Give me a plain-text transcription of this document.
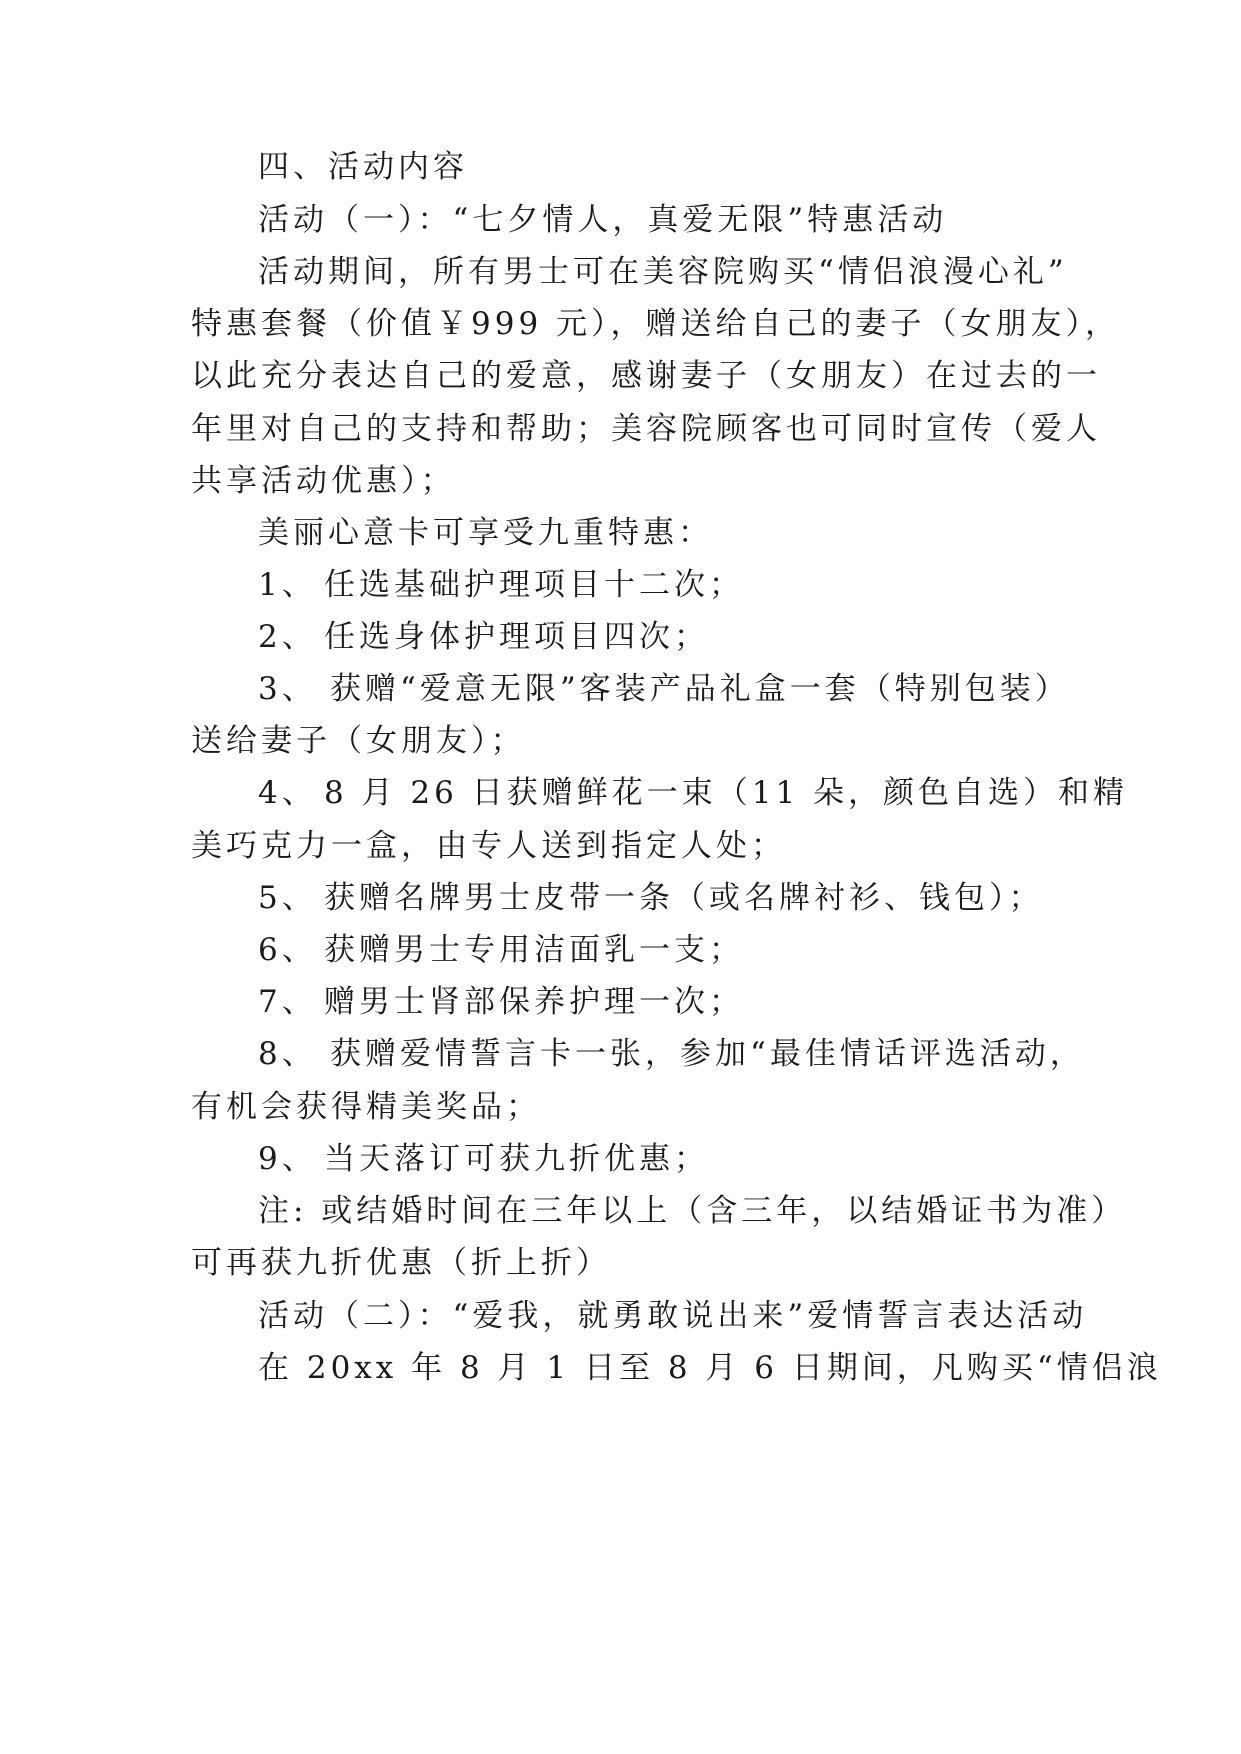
四、活动内容
活动（一）：“七夕情人，真爱无限”特惠活动
活动期间，所有男士可在美容院购买“情侣浪漫心礼”
特惠套餐（价值￥999 元），赠送给自己的妻子（女朋友），
以此充分表达自己的爱意，感谢妻子（女朋友）在过去的一
年里对自己的支持和帮助；美容院顾客也可同时宣传（爱人
共享活动优惠）；
美丽心意卡可享受九重特惠：
1、 任选基础护理项目十二次；
2、 任选身体护理项目四次；
3、 获赠“爱意无限”客装产品礼盒一套（特别包装）
送给妻子（女朋友）；
4、 8 月 26 日获赠鲜花一束（11 朵，颜色自选）和精
美巧克力一盒，由专人送到指定人处；
5、 获赠名牌男士皮带一条（或名牌衬衫、钱包）；
6、 获赠男士专用洁面乳一支；
7、 赠男士肾部保养护理一次；
8、 获赠爱情誓言卡一张，参加“最佳情话评选活动，
有机会获得精美奖品；
9、 当天落订可获九折优惠；
注: 或结婚时间在三年以上（含三年，以结婚证书为准）
可再获九折优惠（折上折）
活动（二）：“爱我，就勇敢说出来”爱情誓言表达活动
在 20xx 年 8 月 1 日至 8 月 6 日期间，凡购买“情侣浪
